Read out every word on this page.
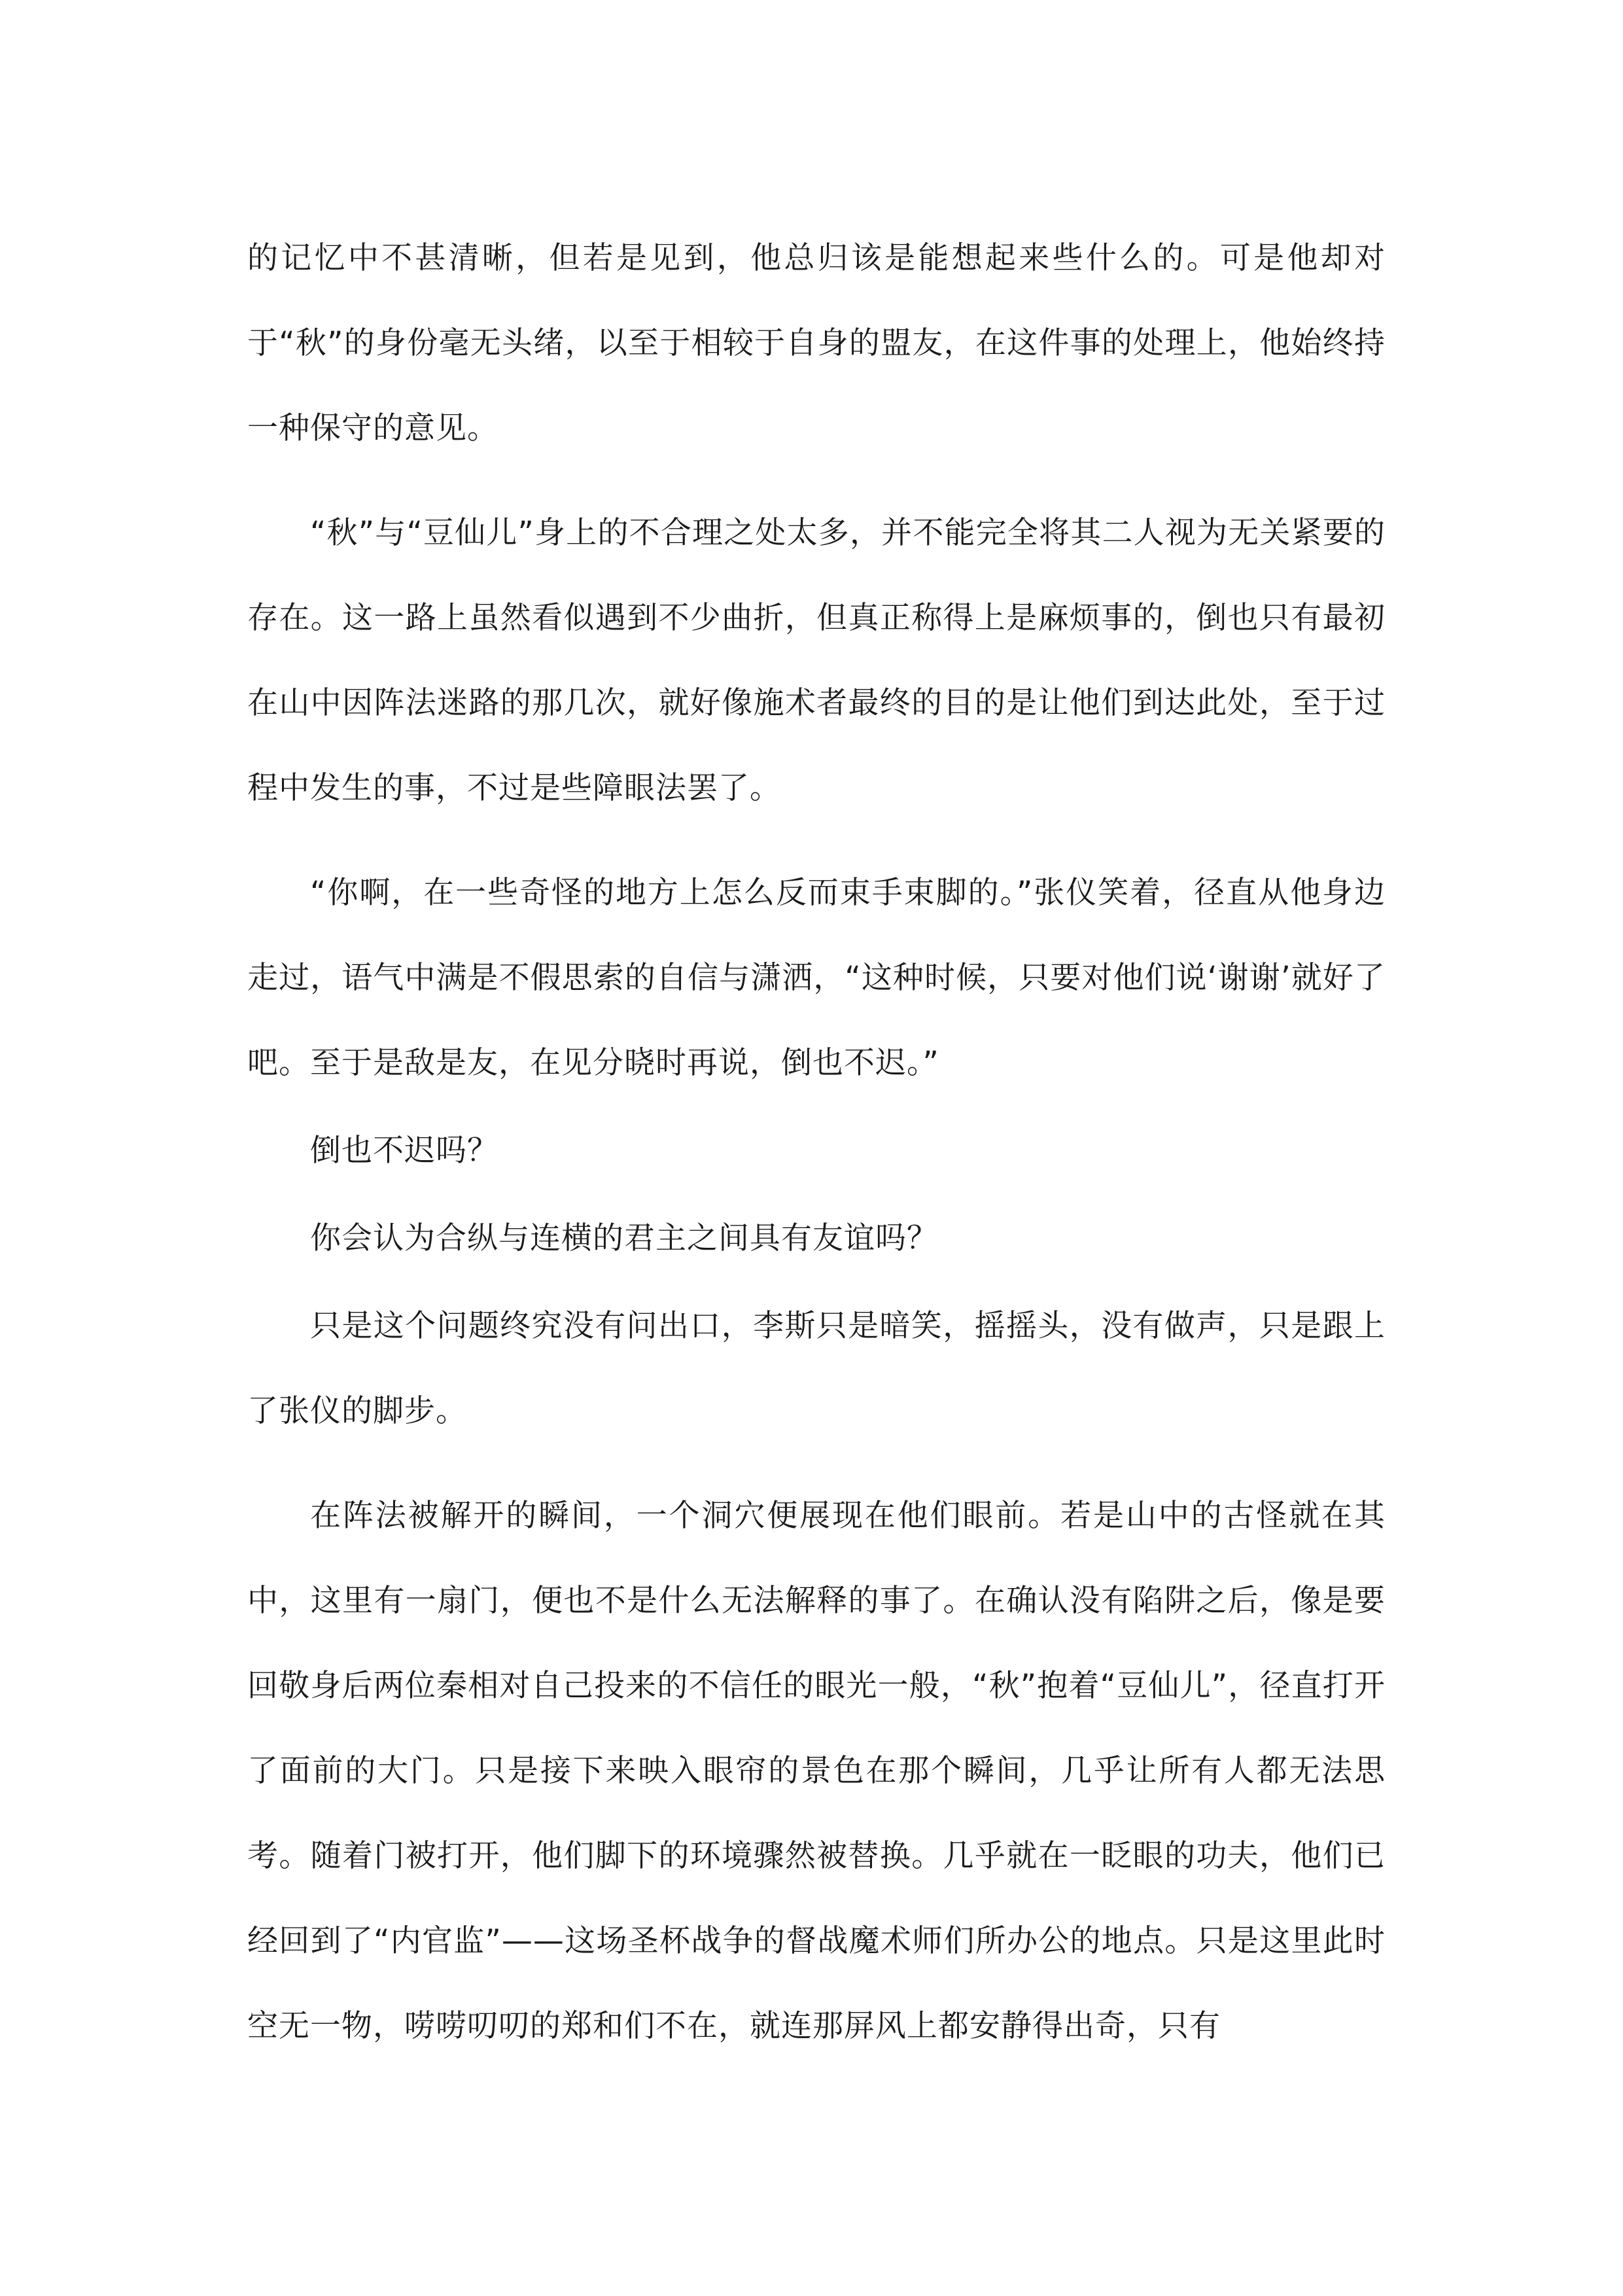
的记忆中不甚清晰，但若是见到，他总归该是能想起来些什么的。可是他却对于“秋”的身份毫无头绪，以至于相较于自身的盟友，在这件事的处理上，他始终持一种保守的意见。

“秋”与“豆仙儿”身上的不合理之处太多，并不能完全将其二人视为无关紧要的存在。这一路上虽然看似遇到不少曲折，但真正称得上是麻烦事的，倒也只有最初在山中因阵法迷路的那几次，就好像施术者最终的目的是让他们到达此处，至于过程中发生的事，不过是些障眼法罢了。

“你啊，在一些奇怪的地方上怎么反而束手束脚的。”张仪笑着，径直从他身边走过，语气中满是不假思索的自信与潇洒，“这种时候，只要对他们说‘谢谢’就好了吧。至于是敌是友，在见分晓时再说，倒也不迟。”

倒也不迟吗？

你会认为合纵与连横的君主之间具有友谊吗？

只是这个问题终究没有问出口，李斯只是暗笑，摇摇头，没有做声，只是跟上了张仪的脚步。

在阵法被解开的瞬间，一个洞穴便展现在他们眼前。若是山中的古怪就在其中，这里有一扇门，便也不是什么无法解释的事了。在确认没有陷阱之后，像是要回敬身后两位秦相对自己投来的不信任的眼光一般，“秋”抱着“豆仙儿”，径直打开了面前的大门。只是接下来映入眼帘的景色在那个瞬间，几乎让所有人都无法思考。随着门被打开，他们脚下的环境骤然被替换。几乎就在一眨眼的功夫，他们已经回到了“内官监”——这场圣杯战争的督战魔术师们所办公的地点。只是这里此时空无一物，唠唠叨叨的郑和们不在，就连那屏风上都安静得出奇，只有
